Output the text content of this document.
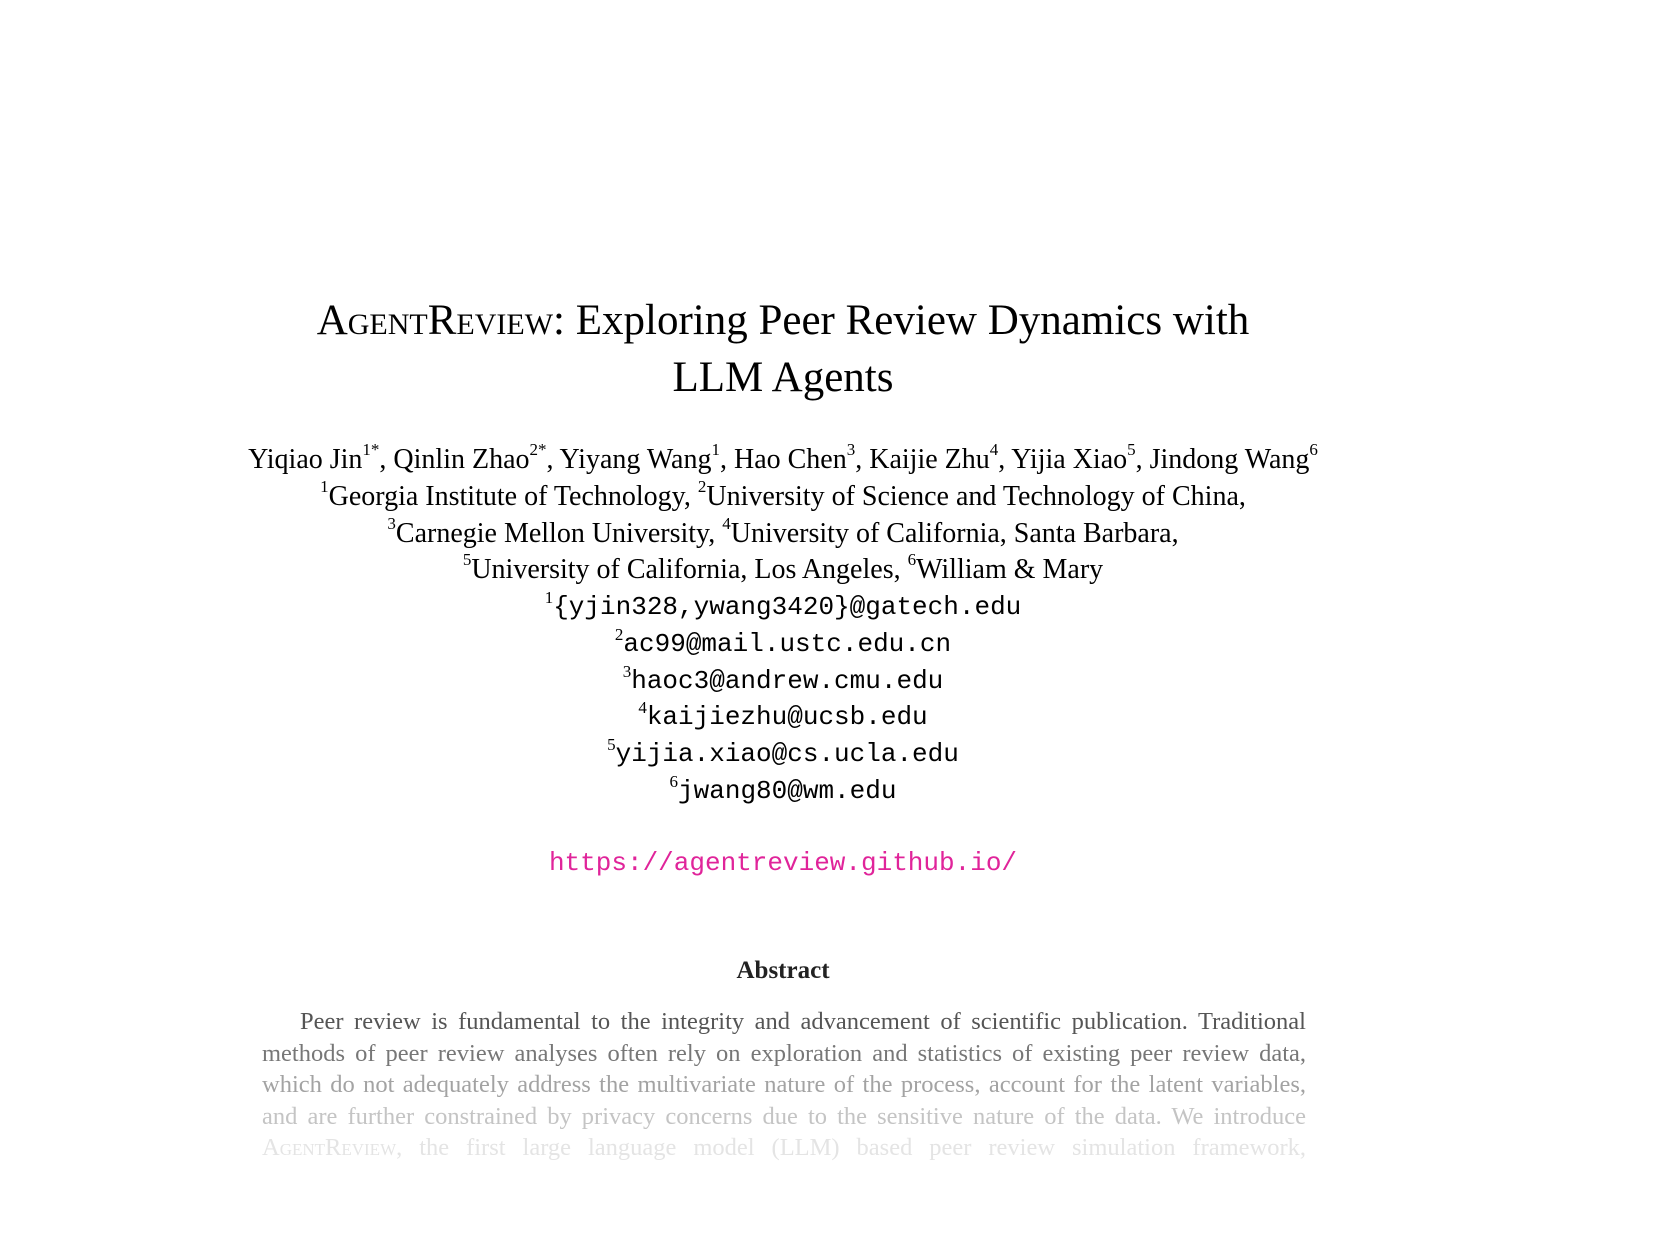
AgentReview: Exploring Peer Review Dynamics with
LLM Agents
Yiqiao Jin$^{1*}$, Qinlin Zhao$^{2*}$, Yiyang Wang$^1$, Hao Chen$^3$, Kaijie Zhu$^4$, Yijia Xiao$^5$, Jindong Wang$^6$
$^1$Georgia Institute of Technology, $^2$University of Science and Technology of China,
$^3$Carnegie Mellon University, $^4$University of California, Santa Barbara,
$^5$University of California, Los Angeles, $^6$William & Mary
$^1${yjin328,ywang3420}@gatech.edu
$^2$ac99@mail.ustc.edu.cn
$^3$haoc3@andrew.cmu.edu
$^4$kaijiezhu@ucsb.edu
$^5$yijia.xiao@cs.ucla.edu
$^6$jwang80@wm.edu
https://agentreview.github.io/
Abstract
Peer review is fundamental to the integrity and advancement of scientific publication. Traditional
methods of peer review analyses often rely on exploration and statistics of existing peer review data,
which do not adequately address the multivariate nature of the process, account for the latent variables,
and are further constrained by privacy concerns due to the sensitive nature of the data. We introduce
AgentReview, the first large language model (LLM) based peer review simulation framework,
